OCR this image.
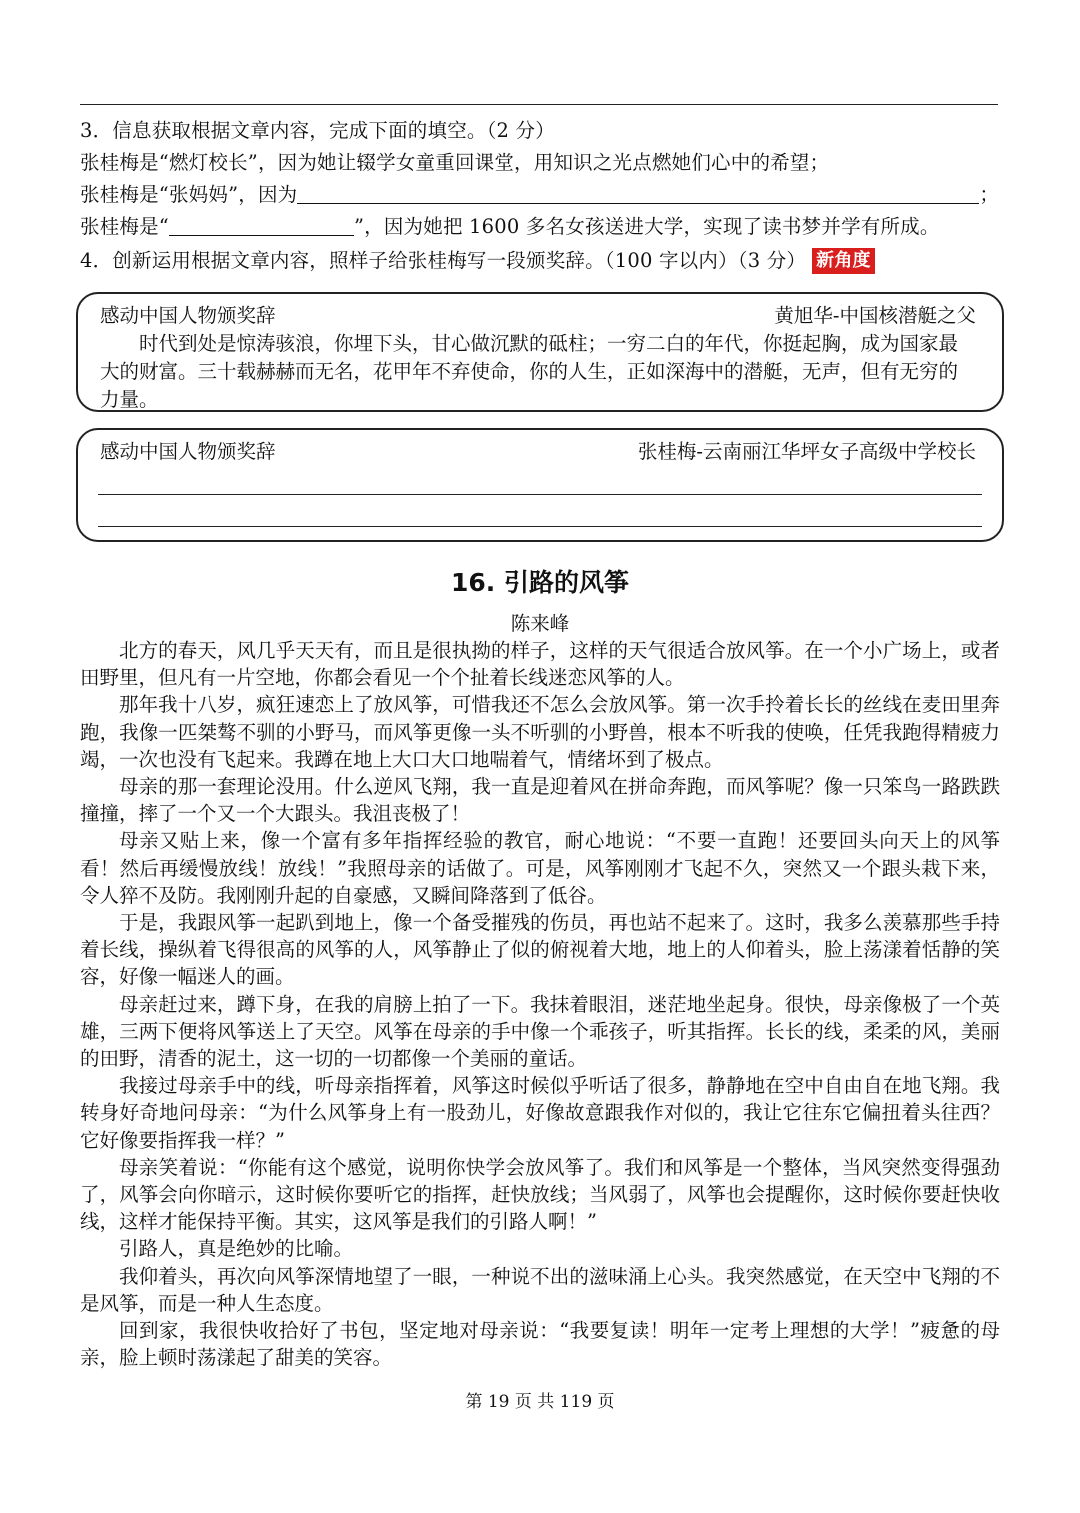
3．信息获取根据文章内容，完成下面的填空。（2 分）
张桂梅是“燃灯校长”，因为她让辍学女童重回课堂，用知识之光点燃她们心中的希望；
张桂梅是“张妈妈”，因为	；
张桂梅是“	”，因为她把 1600 多名女孩送进大学，实现了读书梦并学有所成。
4．创新运用根据文章内容，照样子给张桂梅写一段颁奖辞。（100 字以内）（3 分） 新角度
感动中国人物颁奖辞	黄旭华-中国核潜艇之父

时代到处是惊涛骇浪，你埋下头，甘心做沉默的砥柱；一穷二白的年代，你挺起胸，成为国家最大的财富。三十载赫赫而无名，花甲年不弃使命，你的人生，正如深海中的潜艇，无声，但有无穷的力量。

感动中国人物颁奖辞	张桂梅-云南丽江华坪女子高级中学校长
16. 引路的风筝
陈来峰

北方的春天，风几乎天天有，而且是很执拗的样子，这样的天气很适合放风筝。在一个小广场上，或者田野里，但凡有一片空地，你都会看见一个个扯着长线迷恋风筝的人。

那年我十八岁，疯狂速恋上了放风筝，可惜我还不怎么会放风筝。第一次手拎着长长的丝线在麦田里奔跑，我像一匹桀骜不驯的小野马，而风筝更像一头不听驯的小野兽，根本不听我的使唤，任凭我跑得精疲力竭，一次也没有飞起来。我蹲在地上大口大口地喘着气，情绪坏到了极点。

母亲的那一套理论没用。什么逆风飞翔，我一直是迎着风在拼命奔跑，而风筝呢？像一只笨鸟一路跌跌撞撞，摔了一个又一个大跟头。我沮丧极了！

母亲又贴上来，像一个富有多年指挥经验的教官，耐心地说：“不要一直跑！还要回头向天上的风筝看！然后再缓慢放线！放线！”我照母亲的话做了。可是，风筝刚刚才飞起不久，突然又一个跟头栽下来，令人猝不及防。我刚刚升起的自豪感，又瞬间降落到了低谷。

于是，我跟风筝一起趴到地上，像一个备受摧残的伤员，再也站不起来了。这时，我多么羡慕那些手持着长线，操纵着飞得很高的风筝的人，风筝静止了似的俯视着大地，地上的人仰着头，脸上荡漾着恬静的笑容，好像一幅迷人的画。

母亲赶过来，蹲下身，在我的肩膀上拍了一下。我抹着眼泪，迷茫地坐起身。很快，母亲像极了一个英雄，三两下便将风筝送上了天空。风筝在母亲的手中像一个乖孩子，听其指挥。长长的线，柔柔的风，美丽的田野，清香的泥土，这一切的一切都像一个美丽的童话。

我接过母亲手中的线，听母亲指挥着，风筝这时候似乎听话了很多，静静地在空中自由自在地飞翔。我转身好奇地问母亲：“为什么风筝身上有一股劲儿，好像故意跟我作对似的，我让它往东它偏扭着头往西？它好像要指挥我一样？”

母亲笑着说：“你能有这个感觉，说明你快学会放风筝了。我们和风筝是一个整体，当风突然变得强劲了，风筝会向你暗示，这时候你要听它的指挥，赶快放线；当风弱了，风筝也会提醒你，这时候你要赶快收线，这样才能保持平衡。其实，这风筝是我们的引路人啊！”

引路人，真是绝妙的比喻。

我仰着头，再次向风筝深情地望了一眼，一种说不出的滋味涌上心头。我突然感觉，在天空中飞翔的不是风筝，而是一种人生态度。

回到家，我很快收拾好了书包，坚定地对母亲说：“我要复读！明年一定考上理想的大学！”疲惫的母亲，脸上顿时荡漾起了甜美的笑容。

第 19 页 共 119 页
